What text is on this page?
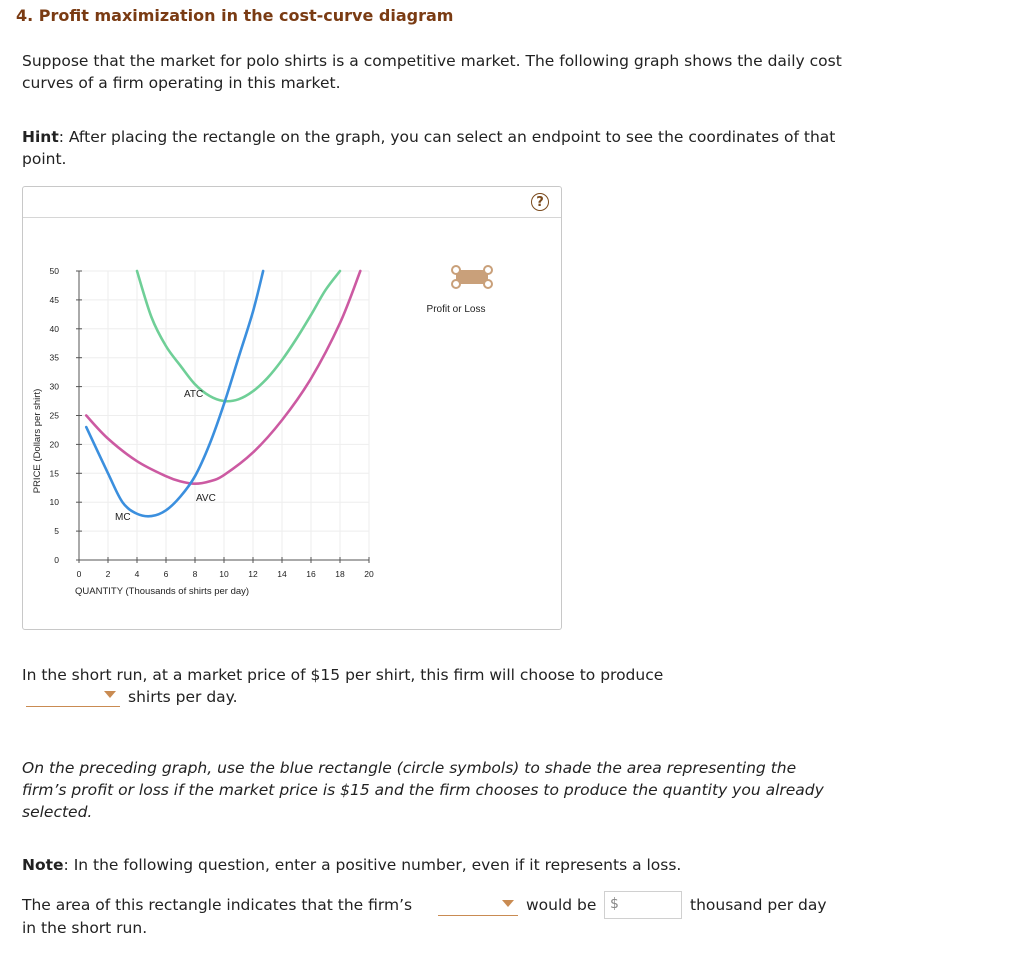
4. Profit maximization in the cost-curve diagram
Suppose that the market for polo shirts is a competitive market. The following graph shows the daily cost curves of a firm operating in this market.
Hint: After placing the rectangle on the graph, you can select an endpoint to see the coordinates of that point.
?
0	2	4	6	8	10 12 14 16 18 20
0
5
10
15
20
25
30
35
40
45
50
PRICE (Dollars per shirt)
QUANTITY (Thousands of shirts per day)
ATC
AVC
MC
Profit or Loss
In the short run, at a market price of $15 per shirt, this firm will choose to produce
shirts per day.
On the preceding graph, use the blue rectangle (circle symbols) to shade the area representing the firm’s profit or loss if the market price is $15 and the firm chooses to produce the quantity you already selected.
Note: In the following question, enter a positive number, even if it represents a loss.
The area of this rectangle indicates that the firm’s	would be $	thousand per day
in the short run.
